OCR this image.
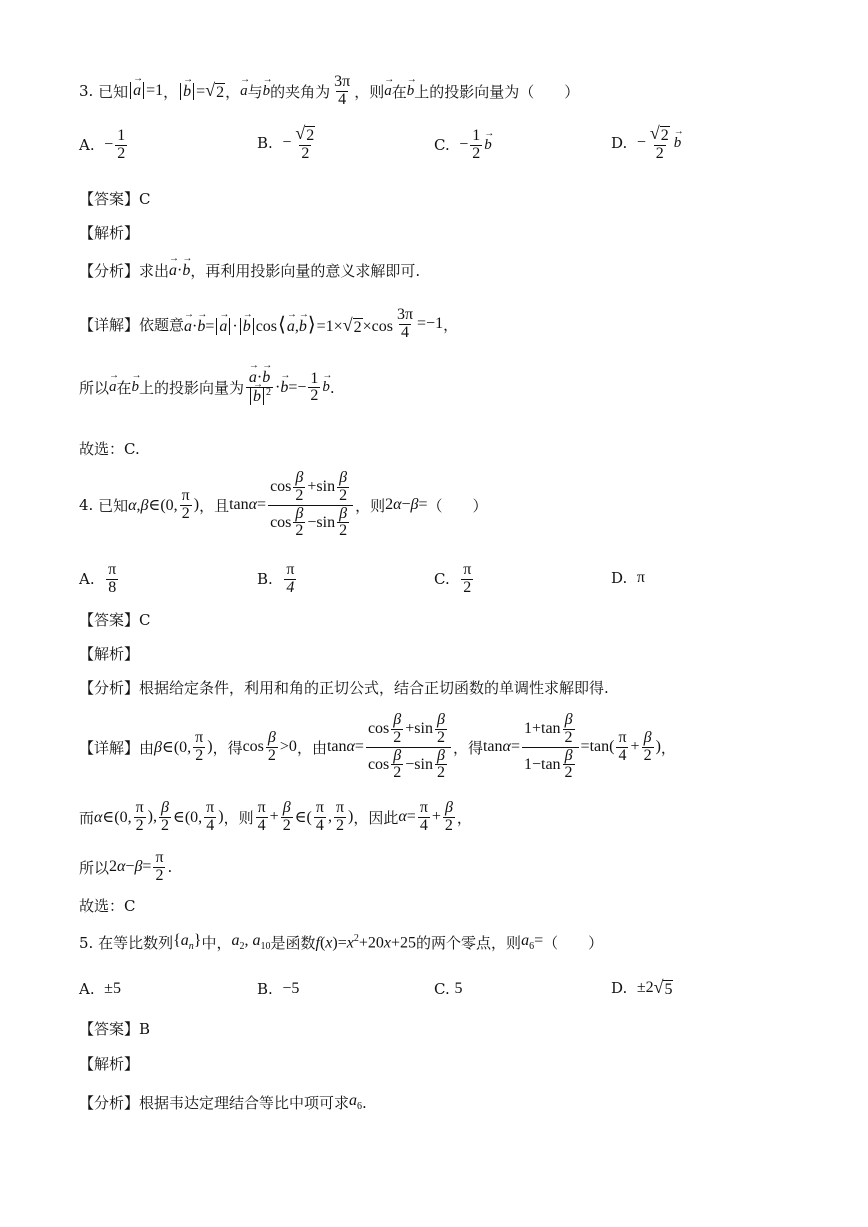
3.
已知
→ a =1 ，
→ b = √ 2 ，
→ a 与
→ b 的夹角为 $\frac{3\pi}{4}$ ，则
→ a 在
→ b 上的投影向量为（　　）
A.
− $\frac{1}{2}$	B.
− $\frac{√ 2}{2}$	C.
− $\frac{1}{2}$
→ b	D.
− $\frac{√ 2}{2}$
→ b
【答案】C
【解析】
【分析】求出
→ a·→ b ，再利用投影向量的意义求解即可.
【详解】依题意
→ a·→ b=→ a ·→ b cos⟨→ a,→ b⟩=1× √ $2 \times\cos \frac{3\pi}{4} =-1$ ，
所以
→ a 在
→ b 上的投影向量为
→ a·→ b
→ b $^2 \cdot\to b=- \frac{1}{2}$
→ b .
故选：C.
4.
已知 α,β∈(0, $\frac{\pi}{2}$ ) ，且 $\tan\alpha= \frac{\cos \frac{\beta}{2} +\sin \frac{\beta}{2}}{\cos \frac{\beta}{2} -\sin \frac{\beta}{2}}$ ，则 2α−β= （　　）
A.
$\frac{\pi}{8}$	B.
$\frac{\pi}{4}$	C.
$\frac{\pi}{2}$	D.
π
【答案】C
【解析】
【分析】根据给定条件，利用和角的正切公式，结合正切函数的单调性求解即得.
【详解】由 β∈(0, $\frac{\pi}{2}$ ) ，得 $\cos \frac{\beta}{2} >0$ ，由 $\tan\alpha= \frac{\cos \frac{\beta}{2} +\sin \frac{\beta}{2}}{\cos \frac{\beta}{2} -\sin \frac{\beta}{2}}$ ，得 $\tan\alpha= \frac{1+\tan \frac{\beta}{2}}{1-\tan \frac{\beta}{2}} =\tan( \frac{\pi}{4} + \frac{\beta}{2}$ ) ，
而 α∈(0, $\frac{\pi}{2}$ ), $\frac{\beta}{2}$ ∈(0, $\frac{\pi}{4}$ ) ，则 $\frac{\pi}{4} + \frac{\beta}{2}$ ∈( $\frac{\pi}{4}$ , $\frac{\pi}{2}$ ) ，因此 $\alpha = \frac{\pi}{4} + \frac{\beta}{2}$ ，
所以 $2\alpha-\beta= \frac{\pi}{2}$ .
故选：C
5.
在等比数列 $\{a_n\}$ 中， $a_2$, $a_{10}$ 是函数 $f(x)=x^2+20x+25$ 的两个零点，则 $a_6=$ （　　）
A.
±5	B.
−5	C.
5	D.
±2 √ 5
【答案】B
【解析】
【分析】根据韦达定理结合等比中项可求 $a_6$ .
